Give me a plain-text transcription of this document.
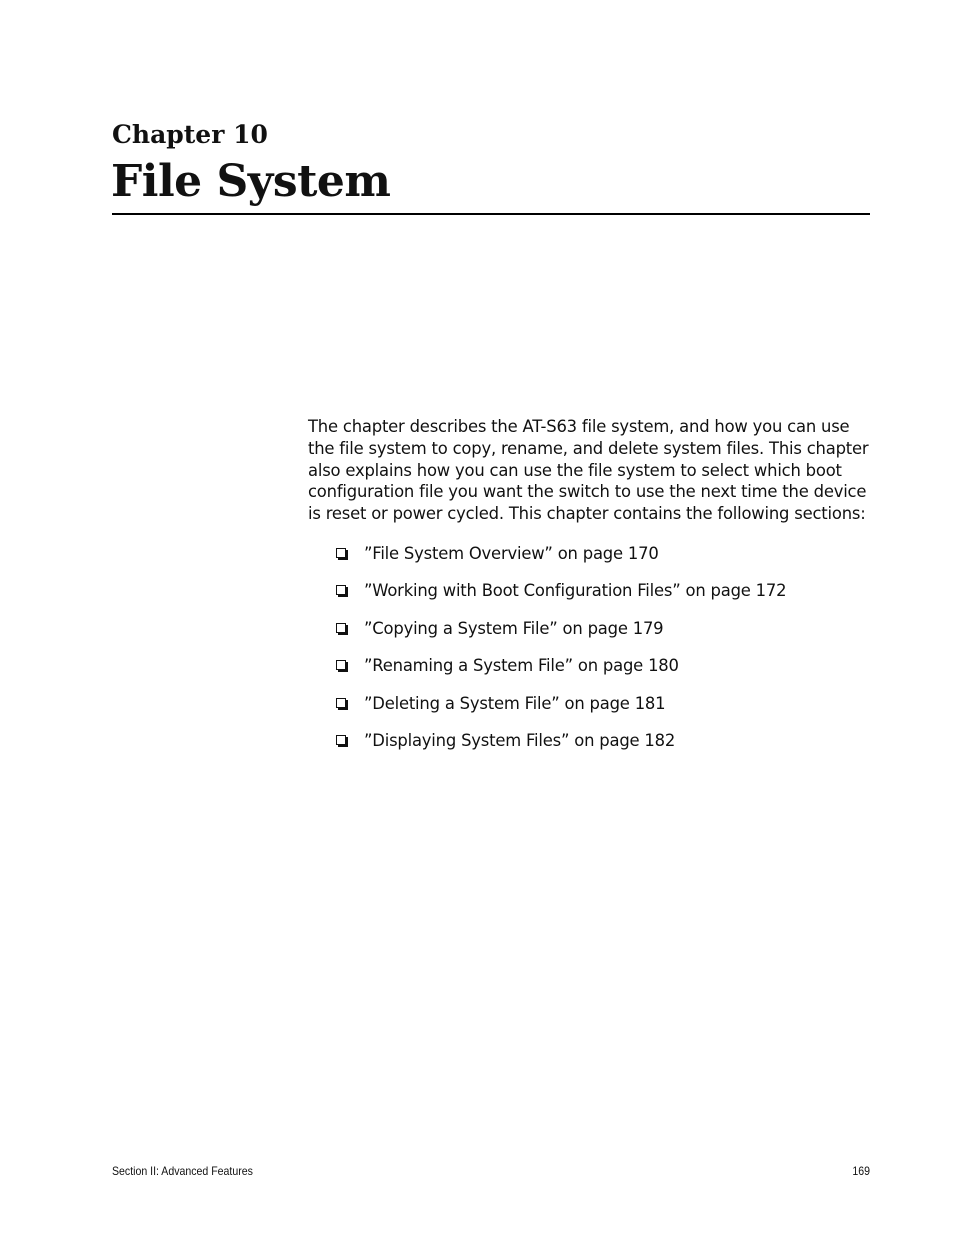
Chapter 10
File System

The chapter describes the AT-S63 file system, and how you can use the file system to copy, rename, and delete system files. This chapter also explains how you can use the file system to select which boot configuration file you want the switch to use the next time the device is reset or power cycled. This chapter contains the following sections:

”File System Overview” on page 170
”Working with Boot Configuration Files” on page 172
”Copying a System File” on page 179
”Renaming a System File” on page 180
”Deleting a System File” on page 181
”Displaying System Files” on page 182
Section II: Advanced Features	169
